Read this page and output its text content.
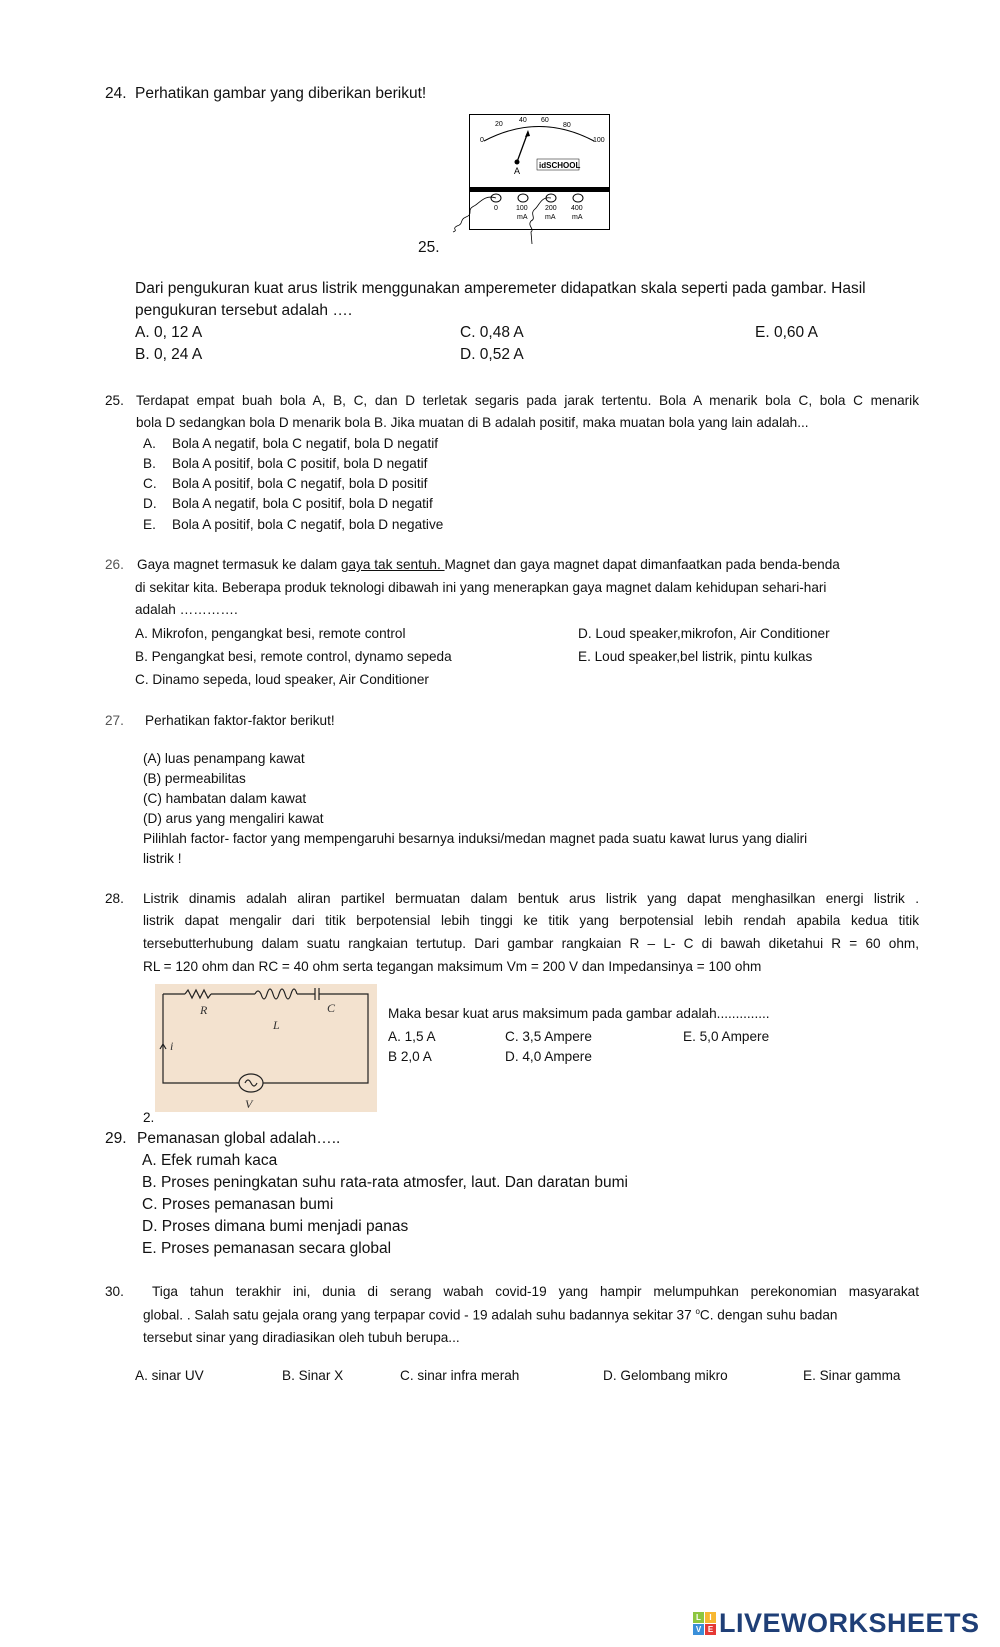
24. Perhatikan gambar yang diberikan berikut!
0
20
40 60
80
100
A
idSCHOOL
0	100 200 400
mA	mA mA
25.
Dari pengukuran kuat arus listrik menggunakan amperemeter didapatkan skala seperti pada gambar. Hasil
pengukuran tersebut adalah ….
A. 0, 12 A	C. 0,48 A	E. 0,60 A
B. 0, 24 A	D. 0,52 A
25. Terdapat empat buah bola A, B, C, dan D terletak segaris pada jarak tertentu. Bola A menarik bola C, bola C menarik
bola D sedangkan bola D menarik bola B. Jika muatan di B adalah positif, maka muatan bola yang lain adalah...
A. Bola A negatif, bola C negatif, bola D negatif
B. Bola A positif, bola C positif, bola D negatif
C. Bola A positif, bola C negatif, bola D positif
D. Bola A negatif, bola C positif, bola D negatif
E. Bola A positif, bola C negatif, bola D negative
26. Gaya magnet termasuk ke dalam gaya tak sentuh. Magnet dan gaya magnet dapat dimanfaatkan pada benda-benda
di sekitar kita. Beberapa produk teknologi dibawah ini yang menerapkan gaya magnet dalam kehidupan sehari-hari
adalah ………….
A. Mikrofon, pengangkat besi, remote control
B. Pengangkat besi, remote control, dynamo sepeda
C. Dinamo sepeda, loud speaker, Air Conditioner
D. Loud speaker,mikrofon, Air Conditioner
E. Loud speaker,bel listrik, pintu kulkas
27. Perhatikan faktor-faktor berikut!
(A) luas penampang kawat
(B) permeabilitas
(C) hambatan dalam kawat
(D) arus yang mengaliri kawat
Pilihlah factor- factor yang mempengaruhi besarnya induksi/medan magnet pada suatu kawat lurus yang dialiri
listrik !
28. Listrik dinamis adalah aliran partikel bermuatan dalam bentuk arus listrik yang dapat menghasilkan energi listrik .
listrik dapat mengalir dari titik berpotensial lebih tinggi ke titik yang berpotensial lebih rendah apabila kedua titik
tersebutterhubung dalam suatu rangkaian tertutup. Dari gambar rangkaian R – L- C di bawah diketahui R = 60 ohm,
RL = 120 ohm dan RC = 40 ohm serta tegangan maksimum Vm = 200 V dan Impedansinya = 100 ohm
R
L
C
i
V
2.
Maka besar kuat arus maksimum pada gambar adalah..............
A. 1,5 A	C. 3,5 Ampere	E. 5,0 Ampere
B 2,0 A	D. 4,0 Ampere
29. Pemanasan global adalah…..
A. Efek rumah kaca
B. Proses peningkatan suhu rata-rata atmosfer, laut. Dan daratan bumi
C. Proses pemanasan bumi
D. Proses dimana bumi menjadi panas
E. Proses pemanasan secara global
30. Tiga tahun terakhir ini, dunia di serang wabah covid-19 yang hampir melumpuhkan perekonomian masyarakat
global. . Salah satu gejala orang yang terpapar covid - 19 adalah suhu badannya sekitar 37 $^o$C. dengan suhu badan
tersebut sinar yang diradiasikan oleh tubuh berupa...
A. sinar UV	B. Sinar X	C. sinar infra merah	D. Gelombang mikro	E. Sinar gamma
L	I
V E LIVEWORKSHEETS
